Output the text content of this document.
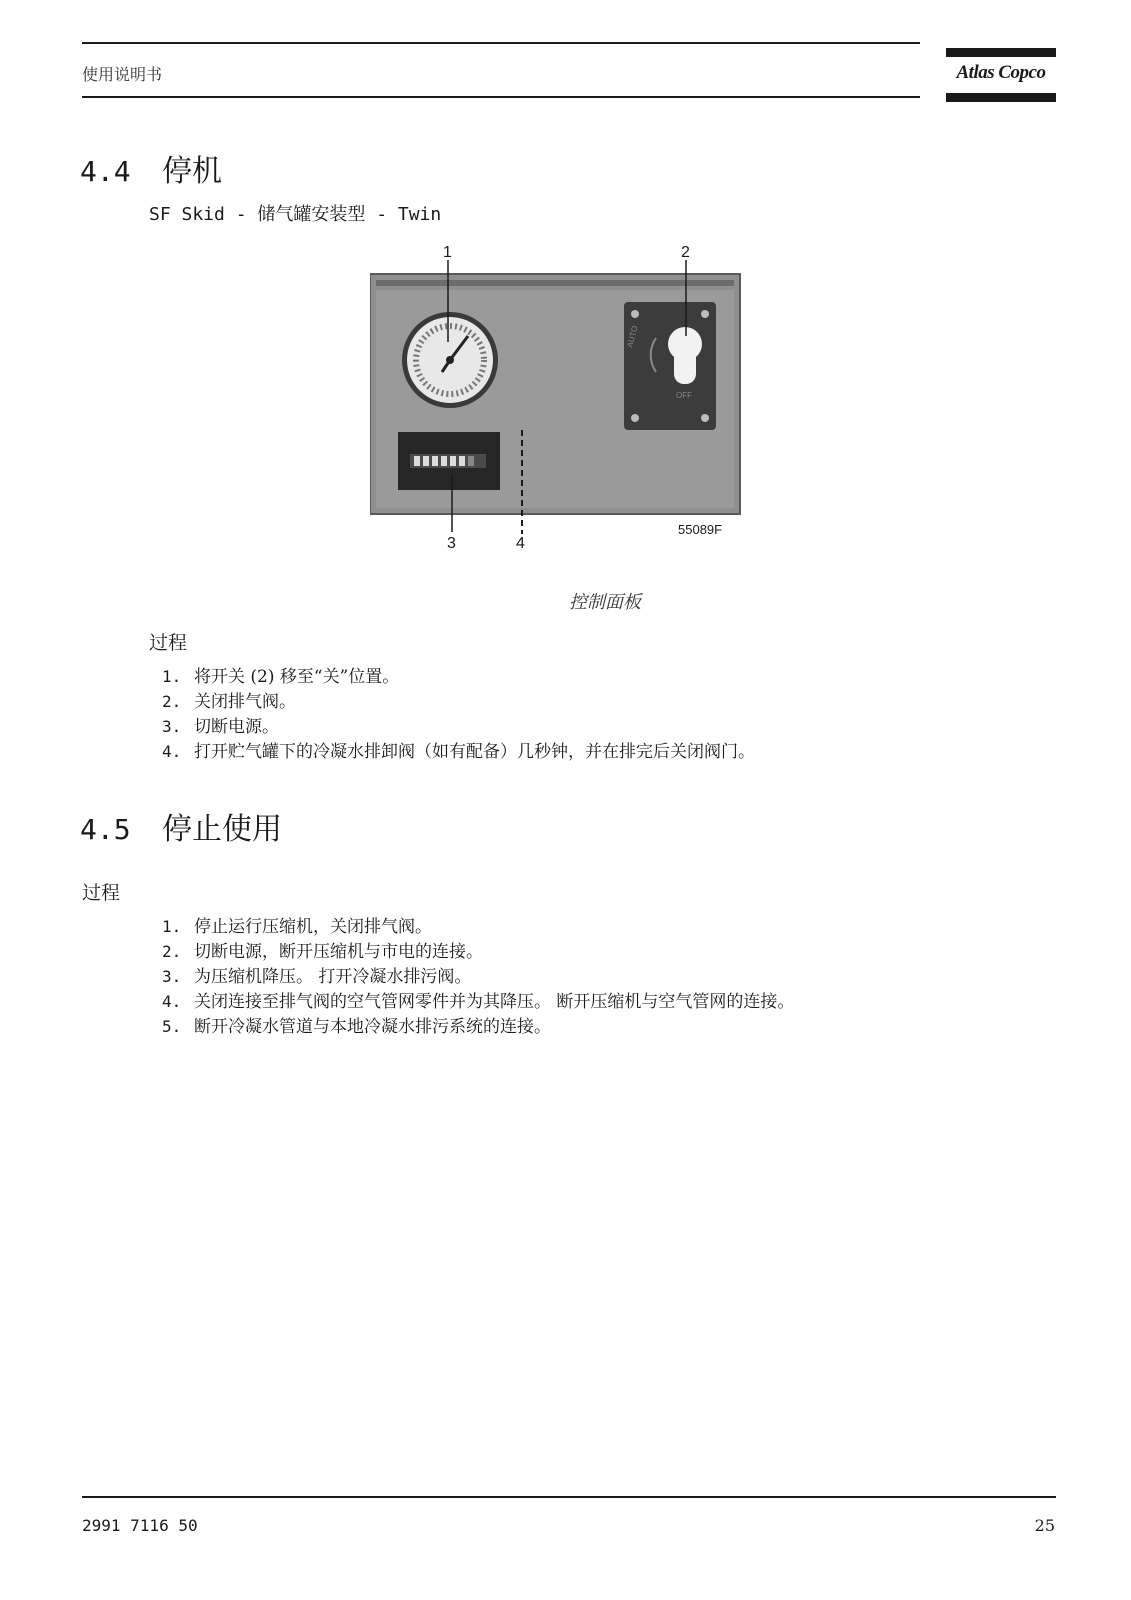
使用说明书	Atlas Copco
4.4 停机
SF Skid - 储气罐安装型 - Twin
AUTO
OFF
1	2
3	4
55089F
控制面板
过程
1. 将开关 (2) 移至“关”位置。
2. 关闭排气阀。
3. 切断电源。
4. 打开贮气罐下的冷凝水排卸阀（如有配备）几秒钟，并在排完后关闭阀门。
4.5 停止使用
过程
1. 停止运行压缩机，关闭排气阀。
2. 切断电源，断开压缩机与市电的连接。
3. 为压缩机降压。 打开冷凝水排污阀。
4. 关闭连接至排气阀的空气管网零件并为其降压。 断开压缩机与空气管网的连接。
5. 断开冷凝水管道与本地冷凝水排污系统的连接。
2991 7116 50	25
